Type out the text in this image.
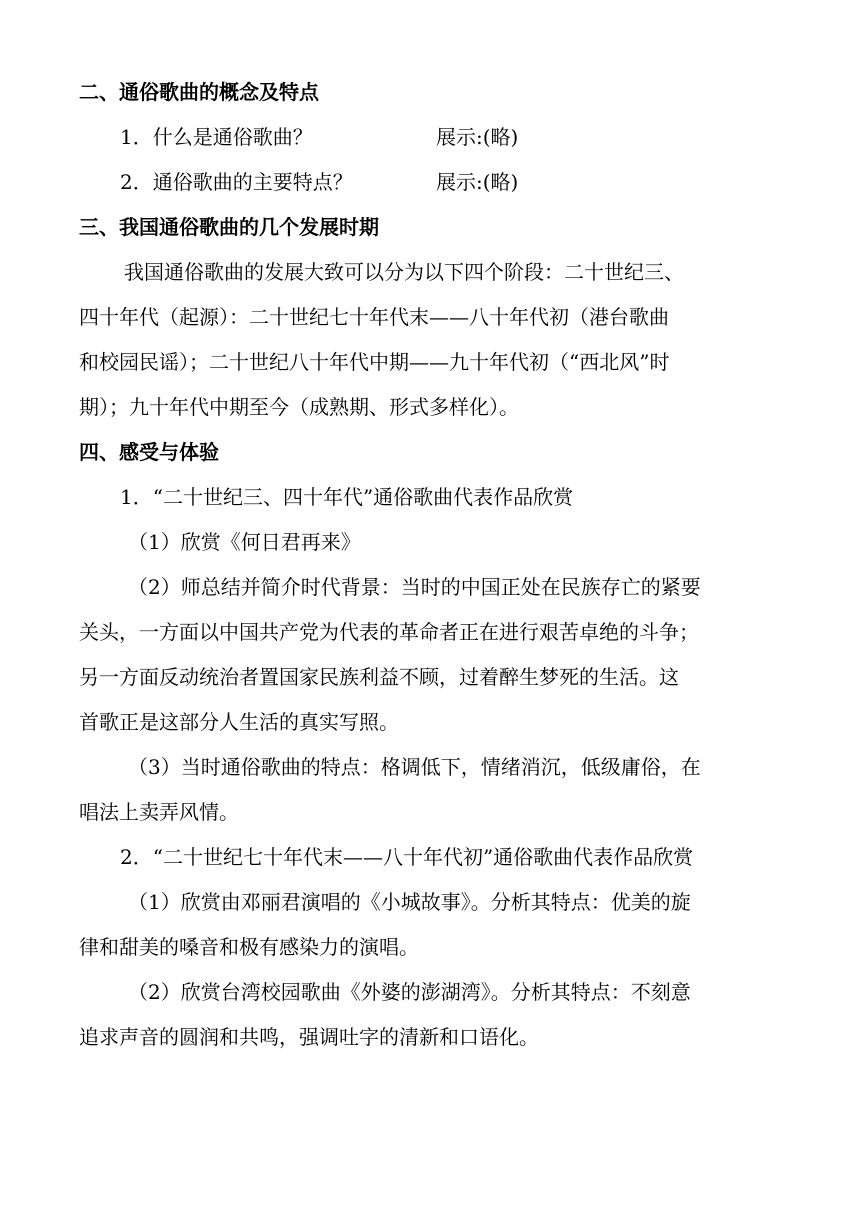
二、通俗歌曲的概念及特点
1．什么是通俗歌曲？	展示:(略)
2．通俗歌曲的主要特点？	展示:(略)
三、我国通俗歌曲的几个发展时期
我国通俗歌曲的发展大致可以分为以下四个阶段：二十世纪三、
四十年代（起源）：二十世纪七十年代末——八十年代初（港台歌曲
和校园民谣）；二十世纪八十年代中期——九十年代初（“西北风”时
期）；九十年代中期至今（成熟期、形式多样化）。
四、感受与体验
1．“二十世纪三、四十年代”通俗歌曲代表作品欣赏
（1）欣赏《何日君再来》
（2）师总结并简介时代背景：当时的中国正处在民族存亡的紧要
关头，一方面以中国共产党为代表的革命者正在进行艰苦卓绝的斗争；
另一方面反动统治者置国家民族利益不顾，过着醉生梦死的生活。这
首歌正是这部分人生活的真实写照。
（3）当时通俗歌曲的特点：格调低下，情绪消沉，低级庸俗，在
唱法上卖弄风情。
2．“二十世纪七十年代末——八十年代初”通俗歌曲代表作品欣赏
（1）欣赏由邓丽君演唱的《小城故事》。分析其特点：优美的旋
律和甜美的嗓音和极有感染力的演唱。
（2）欣赏台湾校园歌曲《外婆的澎湖湾》。分析其特点：不刻意
追求声音的圆润和共鸣，强调吐字的清新和口语化。
